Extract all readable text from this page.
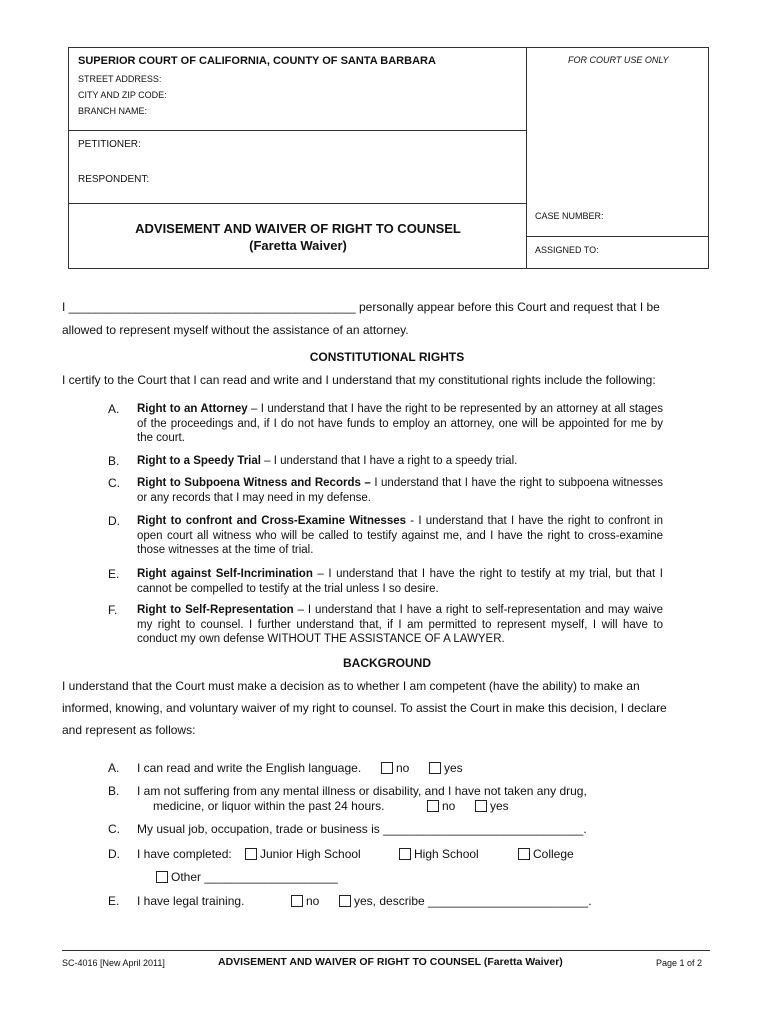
SUPERIOR COURT OF CALIFORNIA, COUNTY OF SANTA BARBARA
STREET ADDRESS:
CITY AND ZIP CODE:
BRANCH NAME:
FOR COURT USE ONLY
PETITIONER:
RESPONDENT:
CASE NUMBER:
ASSIGNED TO:
ADVISEMENT AND WAIVER OF RIGHT TO COUNSEL
(Faretta Waiver)
I ___________________________________________ personally appear before this Court and request that I be
allowed to represent myself without the assistance of an attorney.
CONSTITUTIONAL RIGHTS
I certify to the Court that I can read and write and I understand that my constitutional rights include the following:
A. Right to an Attorney – I understand that I have the right to be represented by an attorney at all stages of the proceedings and, if I do not have funds to employ an attorney, one will be appointed for me by the court.
B. Right to a Speedy Trial – I understand that I have a right to a speedy trial.
C. Right to Subpoena Witness and Records – I understand that I have the right to subpoena witnesses or any records that I may need in my defense.
D. Right to confront and Cross-Examine Witnesses - I understand that I have the right to confront in open court all witness who will be called to testify against me, and I have the right to cross-examine those witnesses at the time of trial.
E. Right against Self-Incrimination – I understand that I have the right to testify at my trial, but that I cannot be compelled to testify at the trial unless I so desire.
F. Right to Self-Representation – I understand that I have a right to self-representation and may waive my right to counsel. I further understand that, if I am permitted to represent myself, I will have to conduct my own defense WITHOUT THE ASSISTANCE OF A LAWYER.
BACKGROUND
I understand that the Court must make a decision as to whether I am competent (have the ability) to make an
informed, knowing, and voluntary waiver of my right to counsel. To assist the Court in make this decision, I declare
and represent as follows:
A. I can read and write the English language.	no	yes
B. I am not suffering from any mental illness or disability, and I have not taken any drug,
medicine, or liquor within the past 24 hours.	no	yes
C. My usual job, occupation, trade or business is ______________________________.
D. I have completed:	Junior High School	High School	College
Other ____________________
E. I have legal training.	no	yes, describe ________________________.
SC-4016 [New April 2011]	ADVISEMENT AND WAIVER OF RIGHT TO COUNSEL (Faretta Waiver)	Page 1 of 2
